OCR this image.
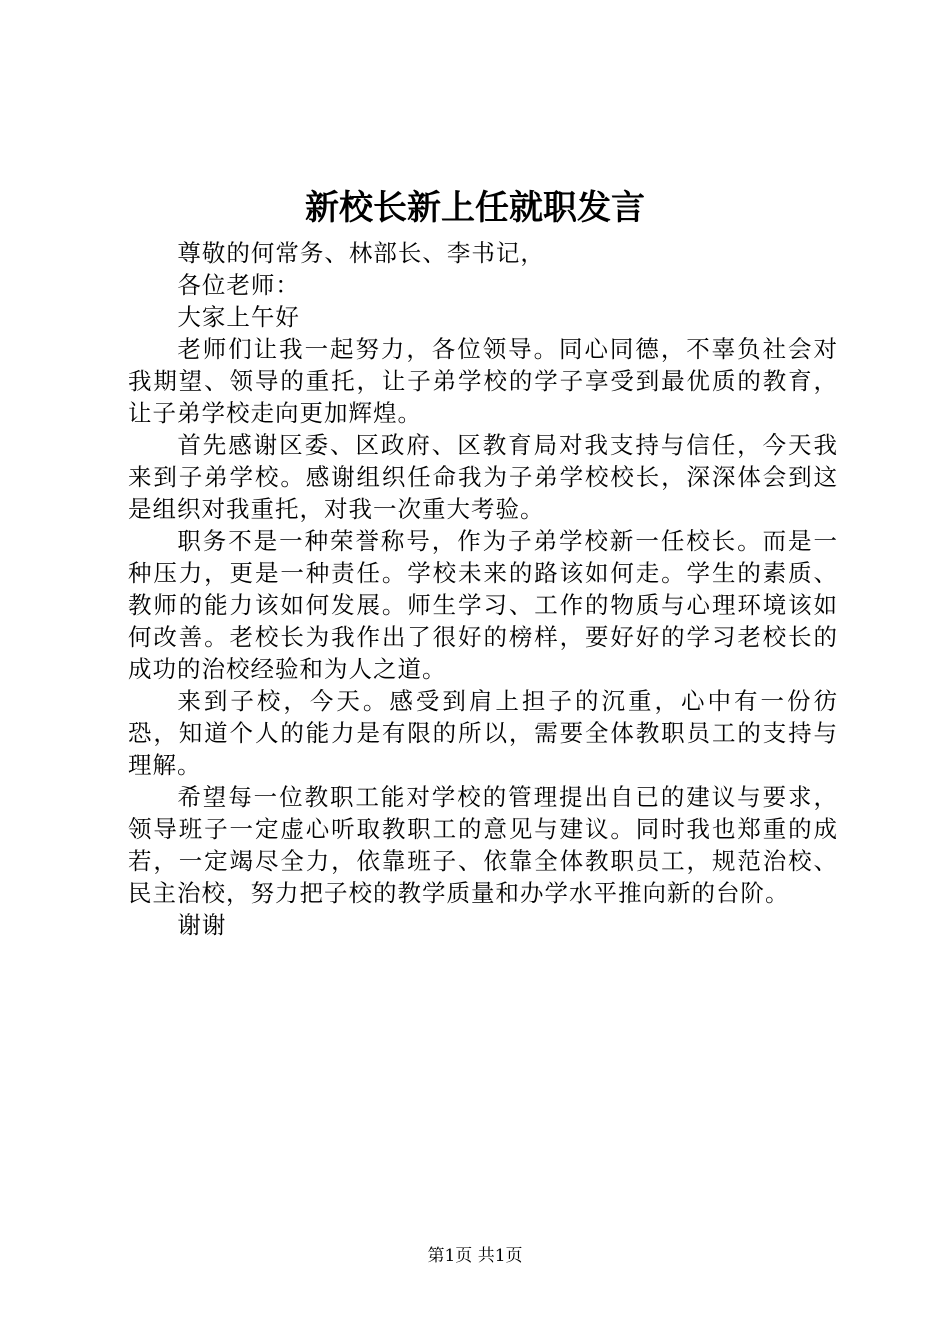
新校长新上任就职发言

尊敬的何常务、林部长、李书记，

各位老师：

大家上午好

老师们让我一起努力，各位领导。同心同德，不辜负社会对我期望、领导的重托，让子弟学校的学子享受到最优质的教育，让子弟学校走向更加辉煌。

首先感谢区委、区政府、区教育局对我支持与信任，今天我来到子弟学校。感谢组织任命我为子弟学校校长，深深体会到这是组织对我重托，对我一次重大考验。

职务不是一种荣誉称号，作为子弟学校新一任校长。而是一种压力，更是一种责任。学校未来的路该如何走。学生的素质、教师的能力该如何发展。师生学习、工作的物质与心理环境该如何改善。老校长为我作出了很好的榜样，要好好的学习老校长的成功的治校经验和为人之道。

来到子校，今天。感受到肩上担子的沉重，心中有一份彷恐，知道个人的能力是有限的所以，需要全体教职员工的支持与理解。

希望每一位教职工能对学校的管理提出自已的建议与要求，领导班子一定虚心听取教职工的意见与建议。同时我也郑重的成若，一定竭尽全力，依靠班子、依靠全体教职员工，规范治校、民主治校，努力把子校的教学质量和办学水平推向新的台阶。

谢谢

第1页 共1页
